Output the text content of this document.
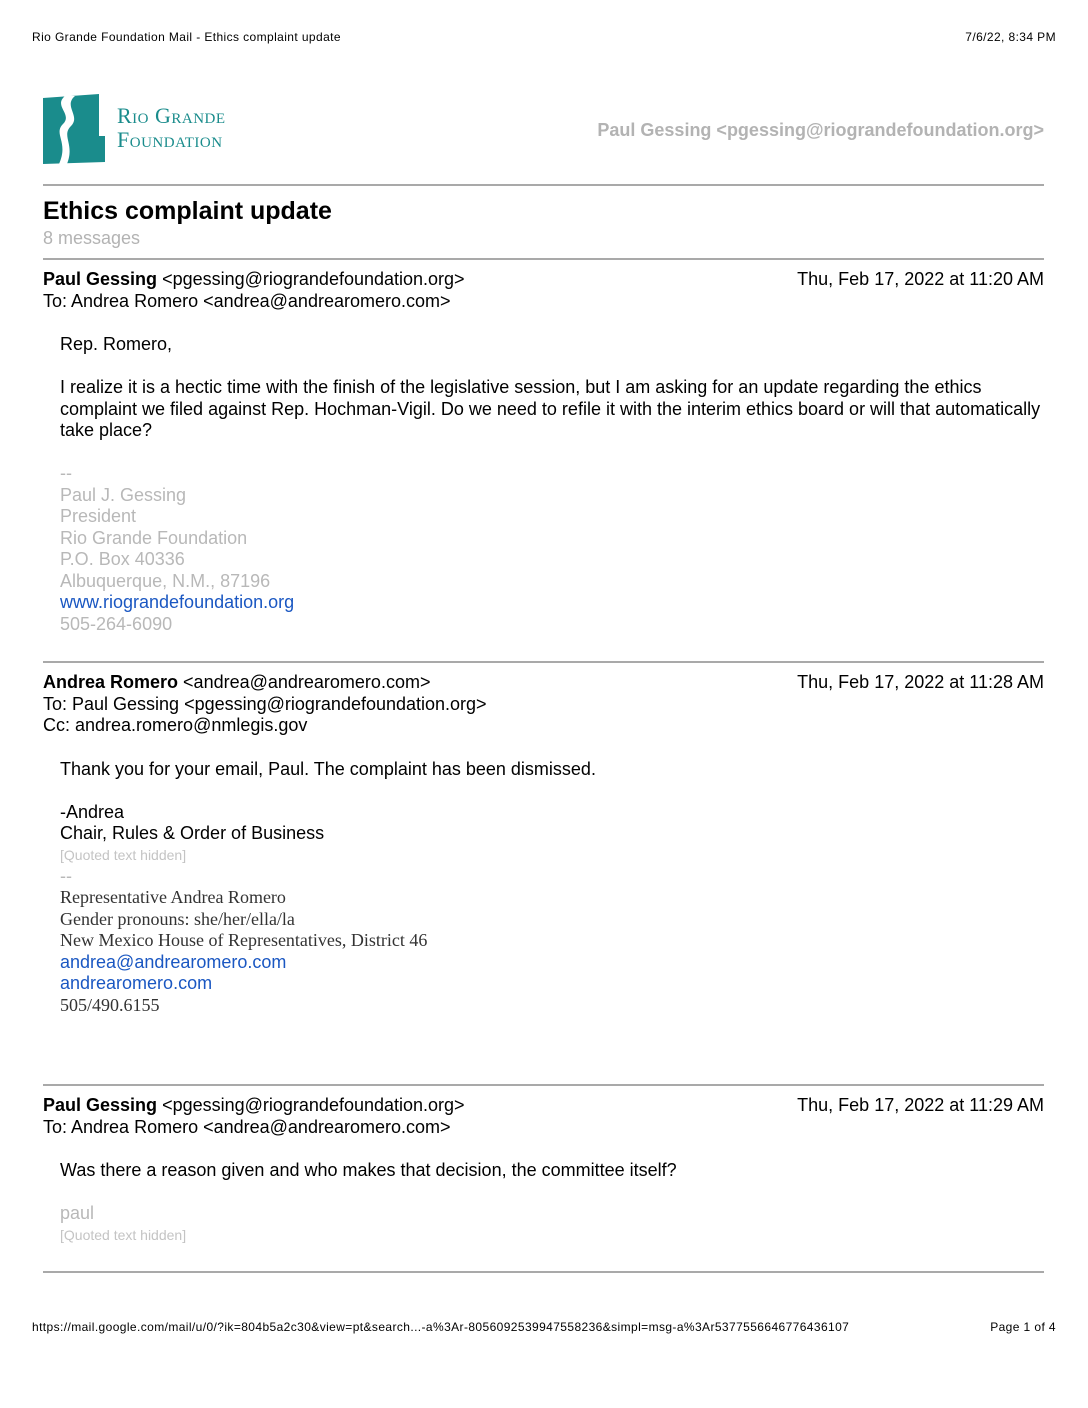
Rio Grande Foundation Mail - Ethics complaint update	7/6/22, 8:34 PM
Rio Grande
Foundation	Paul Gessing <pgessing@riograndefoundation.org>
Ethics complaint update
8 messages
Paul Gessing <pgessing@riograndefoundation.org>	Thu, Feb 17, 2022 at 11:20 AM
To: Andrea Romero <andrea@andrearomero.com>

Rep. Romero,

I realize it is a hectic time with the finish of the legislative session, but I am asking for an update regarding the ethics complaint we filed against Rep. Hochman-Vigil. Do we need to refile it with the interim ethics board or will that automatically take place?

--
Paul J. Gessing
President
Rio Grande Foundation
P.O. Box 40336
Albuquerque, N.M., 87196
www.riograndefoundation.org
505-264-6090
Andrea Romero <andrea@andrearomero.com>	Thu, Feb 17, 2022 at 11:28 AM
To: Paul Gessing <pgessing@riograndefoundation.org>
Cc: andrea.romero@nmlegis.gov

Thank you for your email, Paul. The complaint has been dismissed.

-Andrea
Chair, Rules & Order of Business
[Quoted text hidden]
--
Representative Andrea Romero
Gender pronouns: she/her/ella/la
New Mexico House of Representatives, District 46
andrea@andrearomero.com
andrearomero.com
505/490.6155
Paul Gessing <pgessing@riograndefoundation.org>	Thu, Feb 17, 2022 at 11:29 AM
To: Andrea Romero <andrea@andrearomero.com>

Was there a reason given and who makes that decision, the committee itself?

paul
[Quoted text hidden]
https://mail.google.com/mail/u/0/?ik=804b5a2c30&view=pt&search...-a%3Ar-8056092539947558236&simpl=msg-a%3Ar5377556646776436107	Page 1 of 4
